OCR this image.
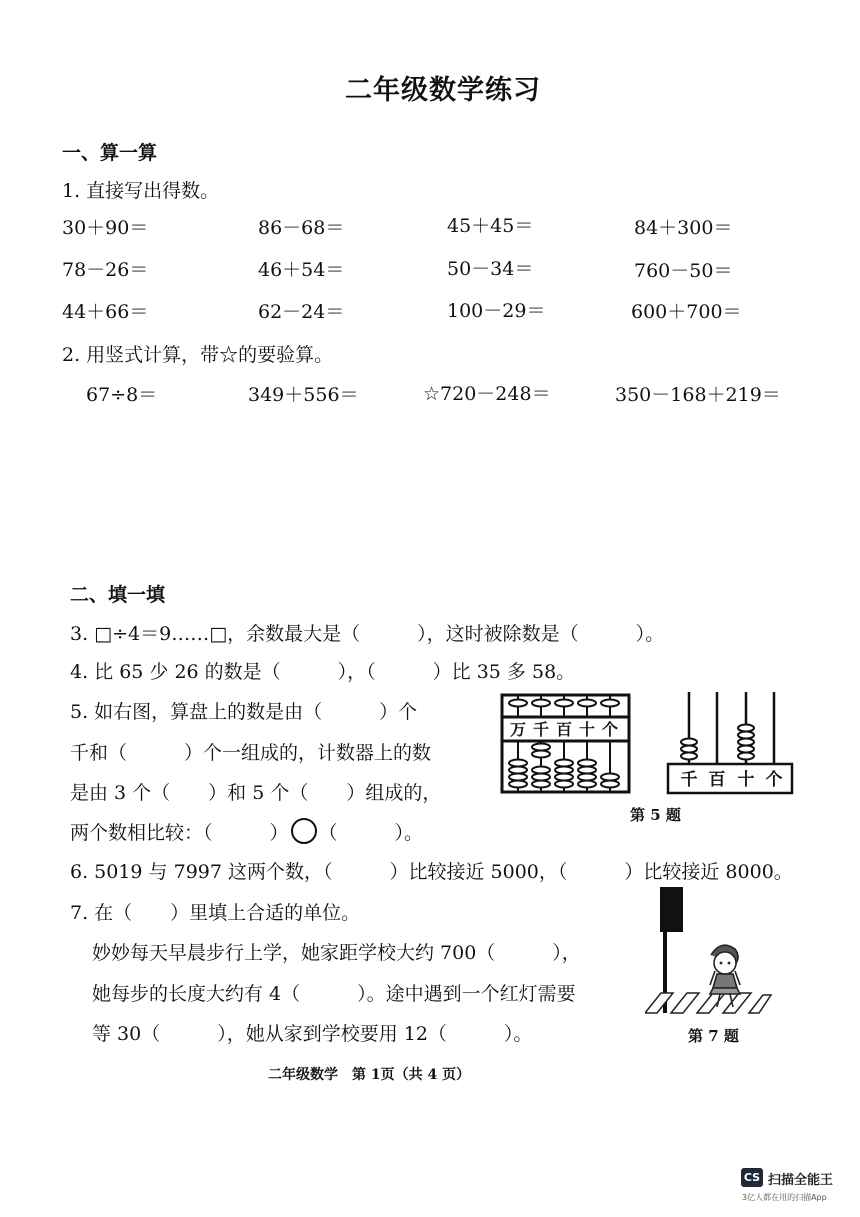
二年级数学练习
一、算一算
1. 直接写出得数。
30＋90＝	86－68＝	45＋45＝	84＋300＝
78－26＝	46＋54＝	50－34＝	760－50＝
44＋66＝	62－24＝	100－29＝	600＋700＝
2. 用竖式计算，带☆的要验算。
67÷8＝	349＋556＝	☆720－248＝	350－168＋219＝
二、填一填
3. □÷4＝9……□，余数最大是（　　　），这时被除数是（　　　）。
4. 比 65 少 26 的数是（　　　），（　　　）比 35 多 58。
5. 如右图，算盘上的数是由（　　　）个
千和（　　　）个一组成的，计数器上的数
是由 3 个（　　）和 5 个（　　）组成的，
两个数相比较：（　　　） （　　　）。
万 千 百 十 个
千 百 十 个
第 5 题
6. 5019 与 7997 这两个数，（　　　）比较接近 5000，（　　　）比较接近 8000。
7. 在（　　）里填上合适的单位。
妙妙每天早晨步行上学，她家距学校大约 700（　　　），
她每步的长度大约有 4（　　　）。途中遇到一个红灯需要
等 30（　　　），她从家到学校要用 12（　　　）。	第 7 题
二年级数学　第 1页（共 4 页）
CS 扫描全能王
3亿人都在用的扫描App
